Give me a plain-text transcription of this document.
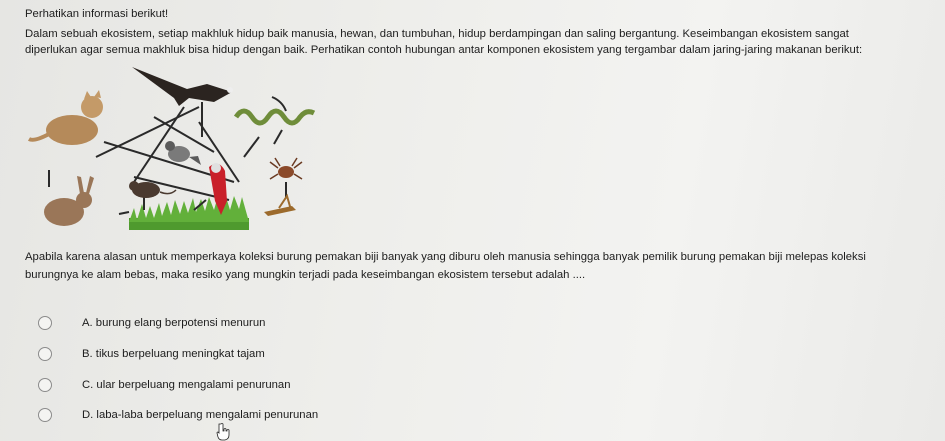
Perhatikan informasi berikut!
Dalam sebuah ekosistem, setiap makhluk hidup baik manusia, hewan, dan tumbuhan, hidup berdampingan dan saling bergantung. Keseimbangan ekosistem sangat
diperlukan agar semua makhluk bisa hidup dengan baik. Perhatikan contoh hubungan antar komponen ekosistem yang tergambar dalam jaring-jaring makanan berikut:
Apabila karena alasan untuk memperkaya koleksi burung pemakan biji banyak yang diburu oleh manusia sehingga banyak pemilik burung pemakan biji melepas koleksi
burungnya ke alam bebas, maka resiko yang mungkin terjadi pada keseimbangan ekosistem tersebut adalah ....
A. burung elang berpotensi menurun
B. tikus berpeluang meningkat tajam
C. ular berpeluang mengalami penurunan
D. laba-laba berpeluang mengalami penurunan
